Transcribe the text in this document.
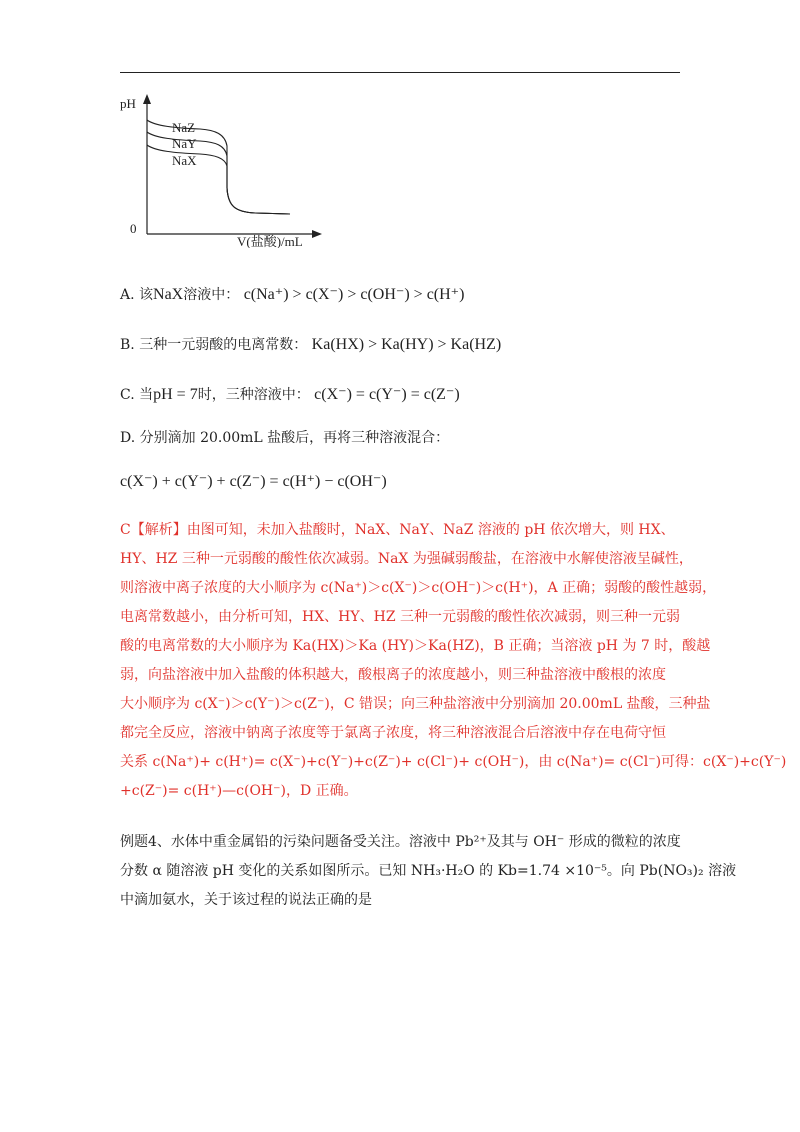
pH
0
V(盐酸)/mL
NaZ
NaY
NaX
A. 该NaX溶液中： c(Na⁺) > c(X⁻) > c(OH⁻) > c(H⁺)
B. 三种一元弱酸的电离常数： Ka(HX) > Ka(HY) > Ka(HZ)
C. 当pH = 7时，三种溶液中： c(X⁻) = c(Y⁻) = c(Z⁻)
D. 分别滴加 20.00mL 盐酸后，再将三种溶液混合：
c(X⁻) + c(Y⁻) + c(Z⁻) = c(H⁺) − c(OH⁻)

C【解析】由图可知，未加入盐酸时，NaX、NaY、NaZ 溶液的 pH 依次增大，则 HX、

HY、HZ 三种一元弱酸的酸性依次减弱。NaX 为强碱弱酸盐，在溶液中水解使溶液呈碱性，

则溶液中离子浓度的大小顺序为 c(Na⁺)＞c(X⁻)＞c(OH⁻)＞c(H⁺)，A 正确；弱酸的酸性越弱，

电离常数越小，由分析可知，HX、HY、HZ 三种一元弱酸的酸性依次减弱，则三种一元弱

酸的电离常数的大小顺序为 Ka(HX)＞Ka (HY)＞Ka(HZ)，B 正确；当溶液 pH 为 7 时，酸越

弱，向盐溶液中加入盐酸的体积越大，酸根离子的浓度越小，则三种盐溶液中酸根的浓度

大小顺序为 c(X⁻)＞c(Y⁻)＞c(Z⁻)，C 错误；向三种盐溶液中分别滴加 20.00mL 盐酸，三种盐

都完全反应，溶液中钠离子浓度等于氯离子浓度，将三种溶液混合后溶液中存在电荷守恒

关系 c(Na⁺)+ c(H⁺)= c(X⁻)+c(Y⁻)+c(Z⁻)+ c(Cl⁻)+ c(OH⁻)，由 c(Na⁺)= c(Cl⁻)可得：c(X⁻)+c(Y⁻)

+c(Z⁻)= c(H⁺)—c(OH⁻)，D 正确。

例题4、水体中重金属铅的污染问题备受关注。溶液中 Pb²⁺及其与 OH⁻ 形成的微粒的浓度

分数 α 随溶液 pH 变化的关系如图所示。已知 NH₃·H₂O 的 Kb=1.74 ×10⁻⁵。向 Pb(NO₃)₂ 溶液

中滴加氨水，关于该过程的说法正确的是
